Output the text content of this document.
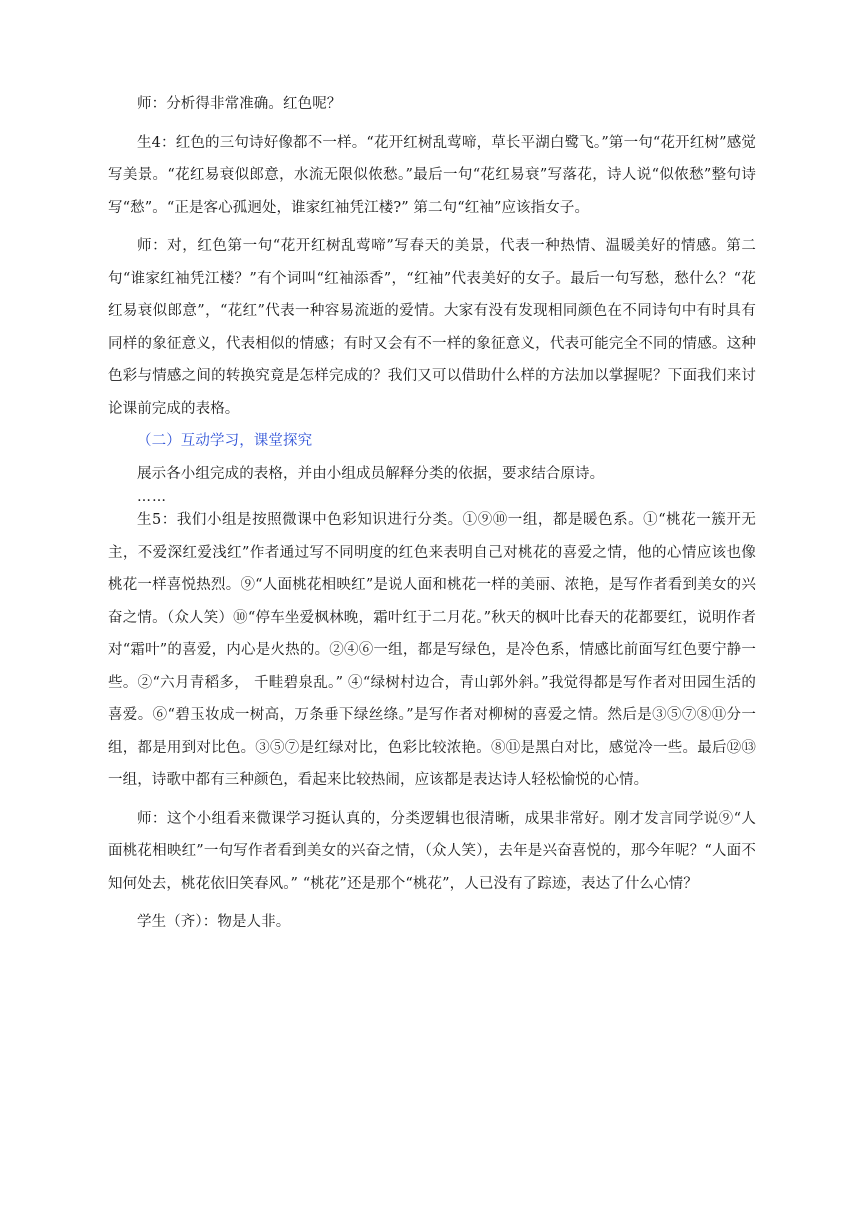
师：分析得非常准确。红色呢？

生4：红色的三句诗好像都不一样。“花开红树乱莺啼，草长平湖白鹭飞。”第一句“花开红树”感觉写美景。“花红易衰似郎意，水流无限似侬愁。”最后一句“花红易衰”写落花，诗人说“似侬愁”整句诗写“愁”。“正是客心孤迥处，谁家红袖凭江楼?” 第二句“红袖”应该指女子。

师：对，红色第一句“花开红树乱莺啼”写春天的美景，代表一种热情、温暖美好的情感。第二句“谁家红袖凭江楼？”有个词叫“红袖添香”，“红袖”代表美好的女子。最后一句写愁，愁什么？“花红易衰似郎意”，“花红”代表一种容易流逝的爱情。大家有没有发现相同颜色在不同诗句中有时具有同样的象征意义，代表相似的情感；有时又会有不一样的象征意义，代表可能完全不同的情感。这种色彩与情感之间的转换究竟是怎样完成的？我们又可以借助什么样的方法加以掌握呢？下面我们来讨论课前完成的表格。

（二）互动学习，课堂探究

展示各小组完成的表格，并由小组成员解释分类的依据，要求结合原诗。

……

生5：我们小组是按照微课中色彩知识进行分类。①⑨⑩一组，都是暖色系。①“桃花一簇开无主，不爱深红爱浅红”作者通过写不同明度的红色来表明自己对桃花的喜爱之情，他的心情应该也像桃花一样喜悦热烈。⑨“人面桃花相映红”是说人面和桃花一样的美丽、浓艳，是写作者看到美女的兴奋之情。（众人笑）⑩“停车坐爱枫林晚，霜叶红于二月花。”秋天的枫叶比春天的花都要红，说明作者对“霜叶”的喜爱，内心是火热的。②④⑥一组，都是写绿色，是冷色系，情感比前面写红色要宁静一些。②“六月青稻多， 千畦碧泉乱。” ④“绿树村边合，青山郭外斜。”我觉得都是写作者对田园生活的喜爱。⑥“碧玉妆成一树高，万条垂下绿丝绦。”是写作者对柳树的喜爱之情。然后是③⑤⑦⑧⑪分一组，都是用到对比色。③⑤⑦是红绿对比，色彩比较浓艳。⑧⑪是黑白对比，感觉冷一些。最后⑫⑬一组，诗歌中都有三种颜色，看起来比较热闹，应该都是表达诗人轻松愉悦的心情。

师：这个小组看来微课学习挺认真的，分类逻辑也很清晰，成果非常好。刚才发言同学说⑨“人面桃花相映红”一句写作者看到美女的兴奋之情，（众人笑），去年是兴奋喜悦的，那今年呢？“人面不知何处去，桃花依旧笑春风。” “桃花”还是那个“桃花”，人已没有了踪迹，表达了什么心情？

学生（齐）：物是人非。
